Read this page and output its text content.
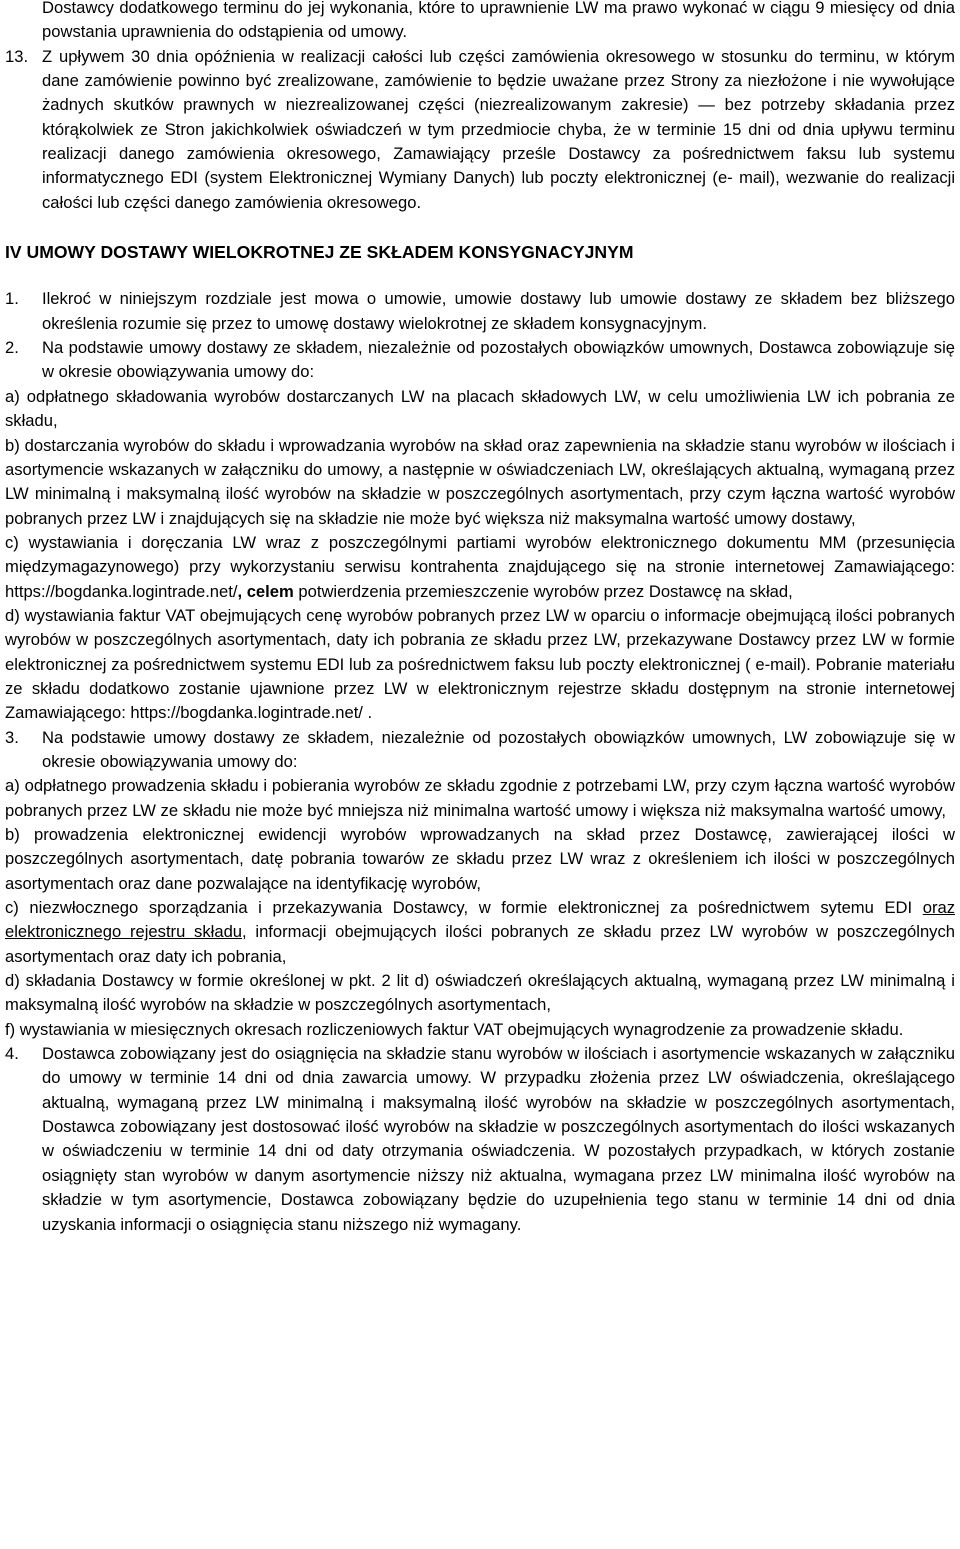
Dostawcy dodatkowego terminu do jej wykonania, które to uprawnienie LW ma prawo wykonać w ciągu 9 miesięcy od dnia powstania uprawnienia do odstąpienia od umowy.

13. Z upływem 30 dnia opóźnienia w realizacji całości lub części zamówienia okresowego w stosunku do terminu, w którym dane zamówienie powinno być zrealizowane, zamówienie to będzie uważane przez Strony za niezłożone i nie wywołujące żadnych skutków prawnych w niezrealizowanej części (niezrealizowanym zakresie) — bez potrzeby składania przez którąkolwiek ze Stron jakichkolwiek oświadczeń w tym przedmiocie chyba, że w terminie 15 dni od dnia upływu terminu realizacji danego zamówienia okresowego, Zamawiający prześle Dostawcy za pośrednictwem faksu lub systemu informatycznego EDI (system Elektronicznej Wymiany Danych) lub poczty elektronicznej (e- mail), wezwanie do realizacji całości lub części danego zamówienia okresowego.

IV UMOWY DOSTAWY WIELOKROTNEJ ZE SKŁADEM KONSYGNACYJNYM

1. Ilekroć w niniejszym rozdziale jest mowa o umowie, umowie dostawy lub umowie dostawy ze składem bez bliższego określenia rozumie się przez to umowę dostawy wielokrotnej ze składem konsygnacyjnym.

2. Na podstawie umowy dostawy ze składem, niezależnie od pozostałych obowiązków umownych, Dostawca zobowiązuje się w okresie obowiązywania umowy do:

a) odpłatnego składowania wyrobów dostarczanych LW na placach składowych LW, w celu umożliwienia LW ich pobrania ze składu,

b) dostarczania wyrobów do składu i wprowadzania wyrobów na skład oraz zapewnienia na składzie stanu wyrobów w ilościach i asortymencie wskazanych w załączniku do umowy, a następnie w oświadczeniach LW, określających aktualną, wymaganą przez LW minimalną i maksymalną ilość wyrobów na składzie w poszczególnych asortymentach, przy czym łączna wartość wyrobów pobranych przez LW i znajdujących się na składzie nie może być większa niż maksymalna wartość umowy dostawy,

c) wystawiania i doręczania LW wraz z poszczególnymi partiami wyrobów elektronicznego dokumentu MM (przesunięcia międzymagazynowego) przy wykorzystaniu serwisu kontrahenta znajdującego się na stronie internetowej Zamawiającego: https://bogdanka.logintrade.net/, celem potwierdzenia przemieszczenie wyrobów przez Dostawcę na skład,

d) wystawiania faktur VAT obejmujących cenę wyrobów pobranych przez LW w oparciu o informacje obejmującą ilości pobranych wyrobów w poszczególnych asortymentach, daty ich pobrania ze składu przez LW, przekazywane Dostawcy przez LW w formie elektronicznej za pośrednictwem systemu EDI lub za pośrednictwem faksu lub poczty elektronicznej ( e-mail). Pobranie materiału ze składu dodatkowo zostanie ujawnione przez LW w elektronicznym rejestrze składu dostępnym na stronie internetowej Zamawiającego: https://bogdanka.logintrade.net/ .

3. Na podstawie umowy dostawy ze składem, niezależnie od pozostałych obowiązków umownych, LW zobowiązuje się w okresie obowiązywania umowy do:

a) odpłatnego prowadzenia składu i pobierania wyrobów ze składu zgodnie z potrzebami LW, przy czym łączna wartość wyrobów pobranych przez LW ze składu nie może być mniejsza niż minimalna wartość umowy i większa niż maksymalna wartość umowy,

b) prowadzenia elektronicznej ewidencji wyrobów wprowadzanych na skład przez Dostawcę, zawierającej ilości w poszczególnych asortymentach, datę pobrania towarów ze składu przez LW wraz z określeniem ich ilości w poszczególnych asortymentach oraz dane pozwalające na identyfikację wyrobów,

c) niezwłocznego sporządzania i przekazywania Dostawcy, w formie elektronicznej za pośrednictwem sytemu EDI oraz elektronicznego rejestru składu, informacji obejmujących ilości pobranych ze składu przez LW wyrobów w poszczególnych asortymentach oraz daty ich pobrania,

d) składania Dostawcy w formie określonej w pkt. 2 lit d) oświadczeń określających aktualną, wymaganą przez LW minimalną i maksymalną ilość wyrobów na składzie w poszczególnych asortymentach,

f) wystawiania w miesięcznych okresach rozliczeniowych faktur VAT obejmujących wynagrodzenie za prowadzenie składu.

4. Dostawca zobowiązany jest do osiągnięcia na składzie stanu wyrobów w ilościach i asortymencie wskazanych w załączniku do umowy w terminie 14 dni od dnia zawarcia umowy. W przypadku złożenia przez LW oświadczenia, określającego aktualną, wymaganą przez LW minimalną i maksymalną ilość wyrobów na składzie w poszczególnych asortymentach, Dostawca zobowiązany jest dostosować ilość wyrobów na składzie w poszczególnych asortymentach do ilości wskazanych w oświadczeniu w terminie 14 dni od daty otrzymania oświadczenia. W pozostałych przypadkach, w których zostanie osiągnięty stan wyrobów w danym asortymencie niższy niż aktualna, wymagana przez LW minimalna ilość wyrobów na składzie w tym asortymencie, Dostawca zobowiązany będzie do uzupełnienia tego stanu w terminie 14 dni od dnia uzyskania informacji o osiągnięcia stanu niższego niż wymagany.
